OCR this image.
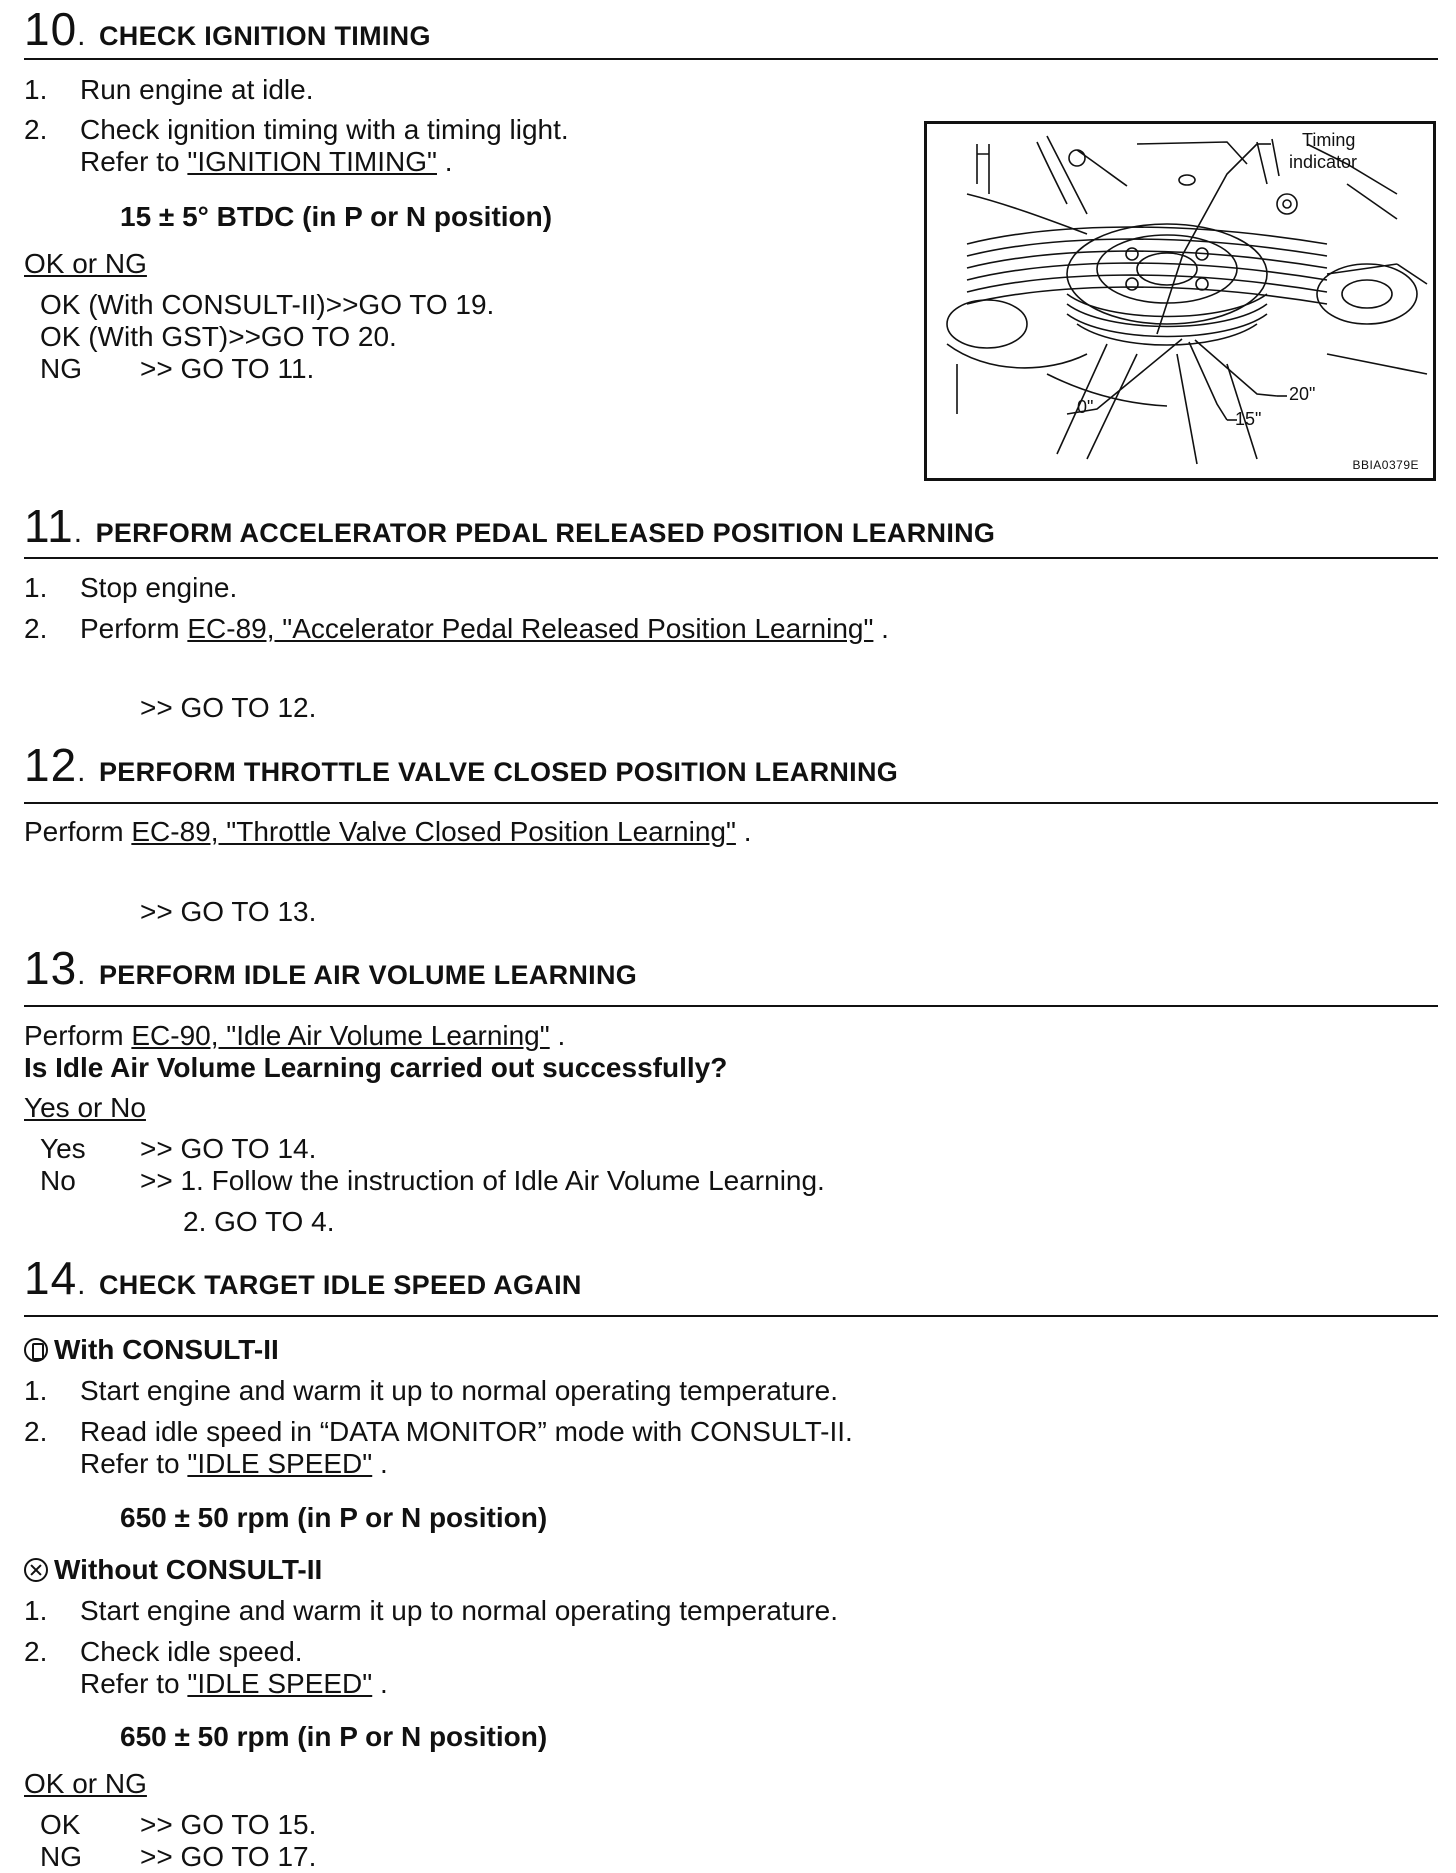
10. CHECK IGNITION TIMING
1. Run engine at idle.
2. Check ignition timing with a timing light.
Refer to "IGNITION TIMING" .
15 ± 5° BTDC (in P or N position)
OK or NG
OK (With CONSULT-II)>>GO TO 19.
OK (With GST)>>GO TO 20.
NG >> GO TO 11.
Timing
indicator
0"
15"
20"
BBIA0379E
11. PERFORM ACCELERATOR PEDAL RELEASED POSITION LEARNING
1. Stop engine.
2. Perform EC-89, "Accelerator Pedal Released Position Learning" .
>> GO TO 12.
12. PERFORM THROTTLE VALVE CLOSED POSITION LEARNING
Perform EC-89, "Throttle Valve Closed Position Learning" .
>> GO TO 13.
13. PERFORM IDLE AIR VOLUME LEARNING
Perform EC-90, "Idle Air Volume Learning" .
Is Idle Air Volume Learning carried out successfully?
Yes or No
Yes >> GO TO 14.
No >> 1. Follow the instruction of Idle Air Volume Learning.
2. GO TO 4.
14. CHECK TARGET IDLE SPEED AGAIN
With CONSULT-II
1. Start engine and warm it up to normal operating temperature.
2. Read idle speed in “DATA MONITOR” mode with CONSULT-II.
Refer to "IDLE SPEED" .
650 ± 50 rpm (in P or N position)
Without CONSULT-II
1. Start engine and warm it up to normal operating temperature.
2. Check idle speed.
Refer to "IDLE SPEED" .
650 ± 50 rpm (in P or N position)
OK or NG
OK >> GO TO 15.
NG >> GO TO 17.
